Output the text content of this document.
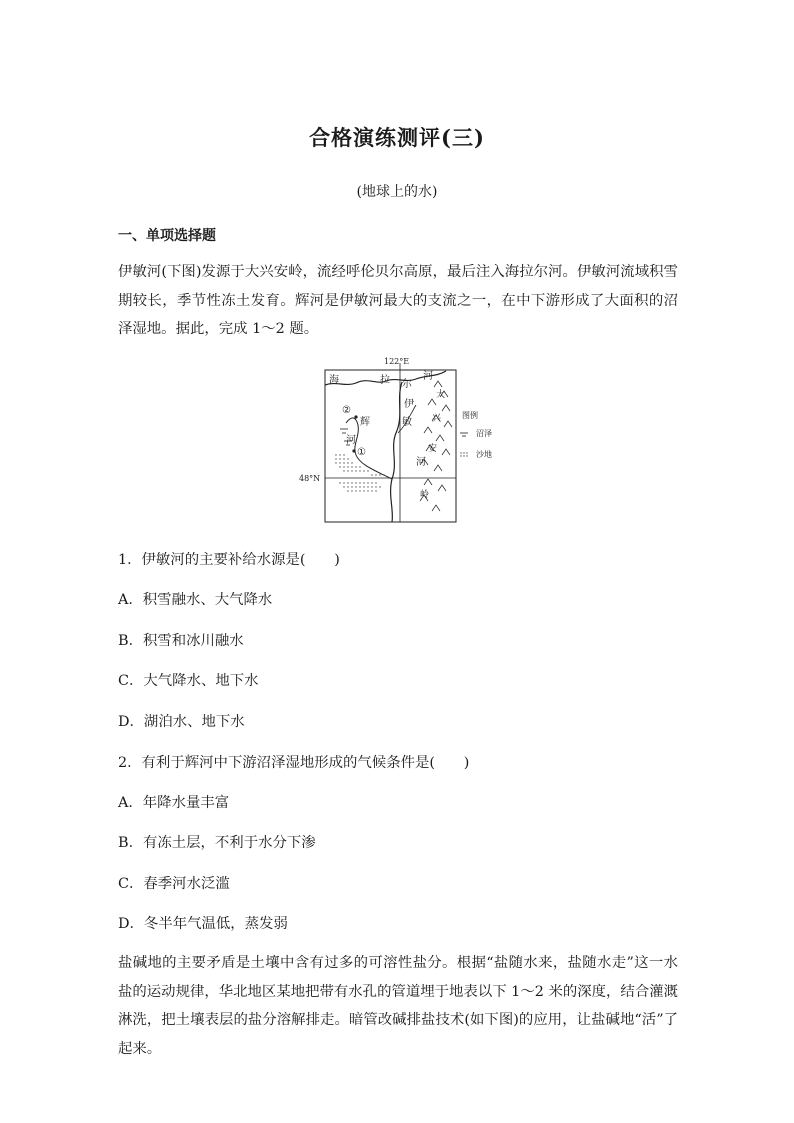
合格演练测评(三)
(地球上的水)
一、单项选择题
伊敏河(下图)发源于大兴安岭，流经呼伦贝尔高原，最后注入海拉尔河。伊敏河流域积雪期较长，季节性冻土发育。辉河是伊敏河最大的支流之一，在中下游形成了大面积的沼泽湿地。据此，完成 1～2 题。
122°E
48°N
海	拉 尔
河
伊
敏
河
辉
河
②
①
大
兴
安
岭
图例
沼泽
沙地
1．伊敏河的主要补给水源是(　　)
A．积雪融水、大气降水
B．积雪和冰川融水
C．大气降水、地下水
D．湖泊水、地下水
2．有利于辉河中下游沼泽湿地形成的气候条件是(　　)
A．年降水量丰富
B．有冻土层，不利于水分下渗
C．春季河水泛滥
D．冬半年气温低，蒸发弱
盐碱地的主要矛盾是土壤中含有过多的可溶性盐分。根据“盐随水来，盐随水走”这一水盐的运动规律，华北地区某地把带有水孔的管道埋于地表以下 1～2 米的深度，结合灌溉淋洗，把土壤表层的盐分溶解排走。暗管改碱排盐技术(如下图)的应用，让盐碱地“活”了起来。
